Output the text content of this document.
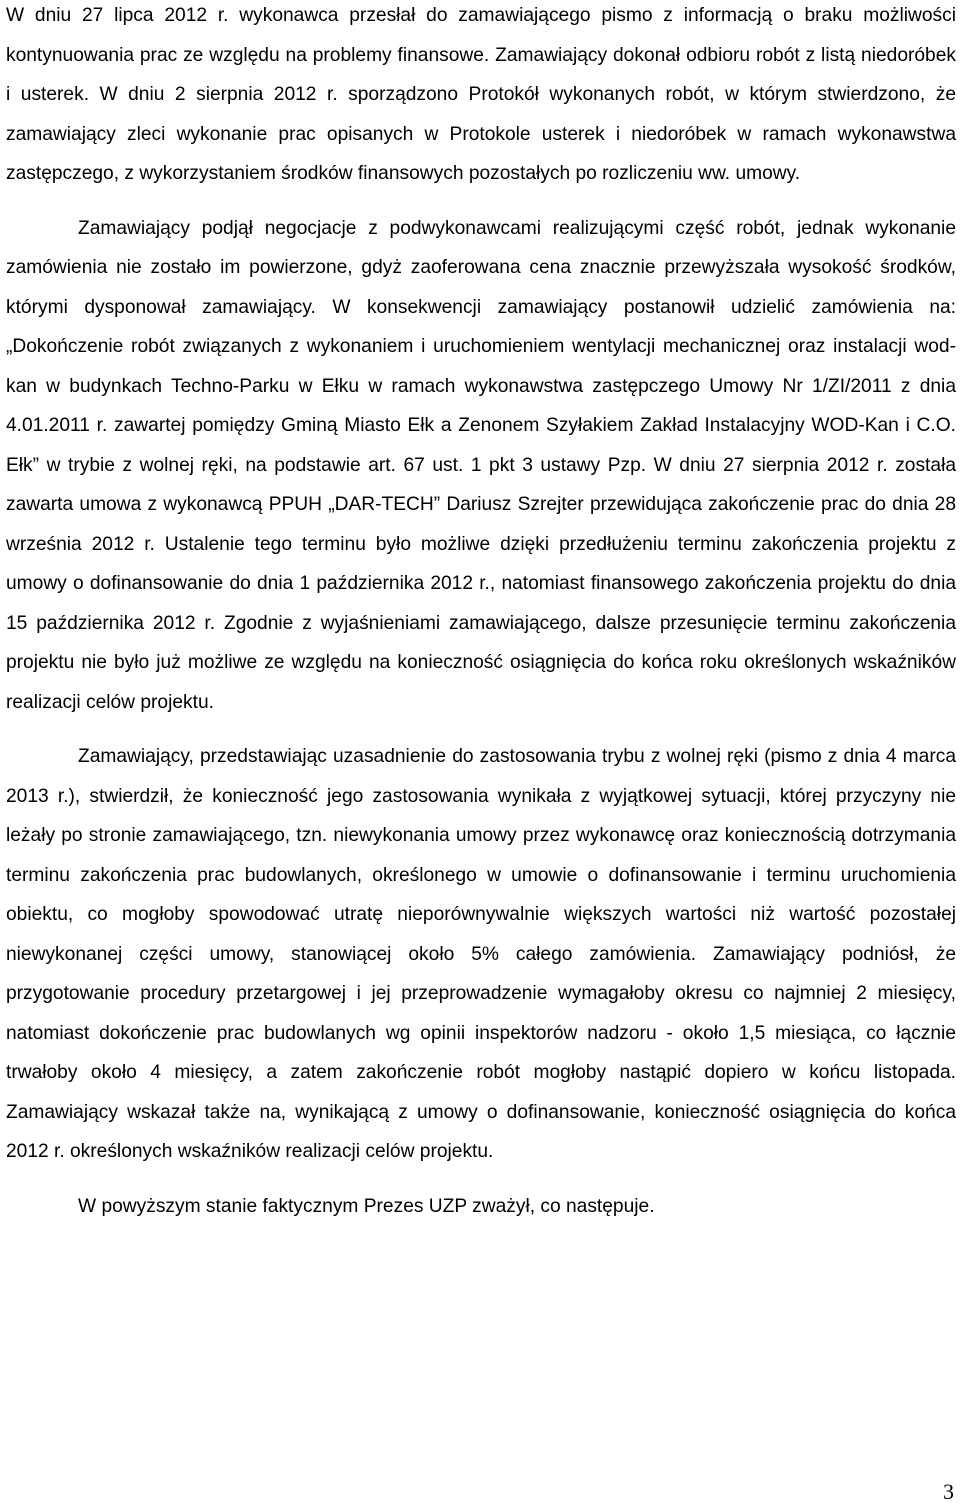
W dniu 27 lipca 2012 r. wykonawca przesłał do zamawiającego pismo z informacją o braku możliwości kontynuowania prac ze względu na problemy finansowe. Zamawiający dokonał odbioru robót z listą niedoróbek i usterek. W dniu 2 sierpnia 2012 r. sporządzono Protokół wykonanych robót, w którym stwierdzono, że zamawiający zleci wykonanie prac opisanych w Protokole usterek i niedoróbek w ramach wykonawstwa zastępczego, z wykorzystaniem środków finansowych pozostałych po rozliczeniu ww. umowy.

Zamawiający podjął negocjacje z podwykonawcami realizującymi część robót, jednak wykonanie zamówienia nie zostało im powierzone, gdyż zaoferowana cena znacznie przewyższała wysokość środków, którymi dysponował zamawiający. W konsekwencji zamawiający postanowił udzielić zamówienia na: „Dokończenie robót związanych z wykonaniem i uruchomieniem wentylacji mechanicznej oraz instalacji wod-kan w budynkach Techno-Parku w Ełku w ramach wykonawstwa zastępczego Umowy Nr 1/ZI/2011 z dnia 4.01.2011 r. zawartej pomiędzy Gminą Miasto Ełk a Zenonem Szyłakiem Zakład Instalacyjny WOD-Kan i C.O. Ełk” w trybie z wolnej ręki, na podstawie art. 67 ust. 1 pkt 3 ustawy Pzp. W dniu 27 sierpnia 2012 r. została zawarta umowa z wykonawcą PPUH „DAR-TECH” Dariusz Szrejter przewidująca zakończenie prac do dnia 28 września 2012 r. Ustalenie tego terminu było możliwe dzięki przedłużeniu terminu zakończenia projektu z umowy o dofinansowanie do dnia 1 października 2012 r., natomiast finansowego zakończenia projektu do dnia 15 października 2012 r. Zgodnie z wyjaśnieniami zamawiającego, dalsze przesunięcie terminu zakończenia projektu nie było już możliwe ze względu na konieczność osiągnięcia do końca roku określonych wskaźników realizacji celów projektu.

Zamawiający, przedstawiając uzasadnienie do zastosowania trybu z wolnej ręki (pismo z dnia 4 marca 2013 r.), stwierdził, że konieczność jego zastosowania wynikała z wyjątkowej sytuacji, której przyczyny nie leżały po stronie zamawiającego, tzn. niewykonania umowy przez wykonawcę oraz koniecznością dotrzymania terminu zakończenia prac budowlanych, określonego w umowie o dofinansowanie i terminu uruchomienia obiektu, co mogłoby spowodować utratę nieporównywalnie większych wartości niż wartość pozostałej niewykonanej części umowy, stanowiącej około 5% całego zamówienia. Zamawiający podniósł, że przygotowanie procedury przetargowej i jej przeprowadzenie wymagałoby okresu co najmniej 2 miesięcy, natomiast dokończenie prac budowlanych wg opinii inspektorów nadzoru - około 1,5 miesiąca, co łącznie trwałoby około 4 miesięcy, a zatem zakończenie robót mogłoby nastąpić dopiero w końcu listopada. Zamawiający wskazał także na, wynikającą z umowy o dofinansowanie, konieczność osiągnięcia do końca 2012 r. określonych wskaźników realizacji celów projektu.

W powyższym stanie faktycznym Prezes UZP zważył, co następuje.

3
